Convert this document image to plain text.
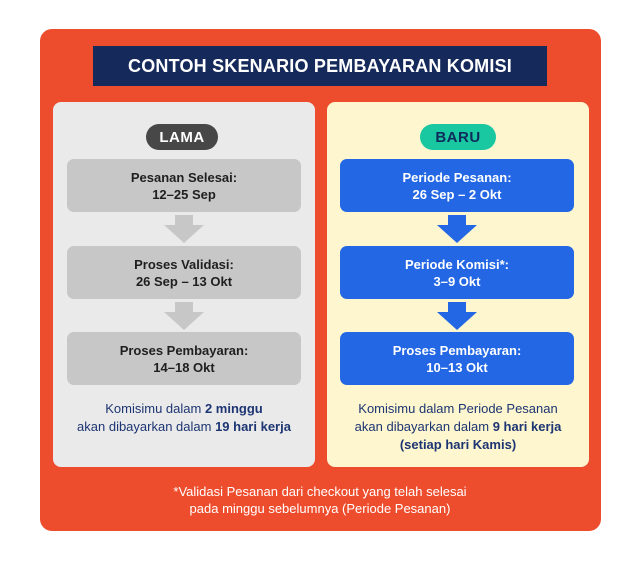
CONTOH SKENARIO PEMBAYARAN KOMISI
LAMA
Pesanan Selesai:
12–25 Sep
Proses Validasi:
26 Sep – 13 Okt
Proses Pembayaran:
14–18 Okt
Komisimu dalam 2 minggu
akan dibayarkan dalam 19 hari kerja
BARU
Periode Pesanan:
26 Sep – 2 Okt
Periode Komisi*:
3–9 Okt
Proses Pembayaran:
10–13 Okt
Komisimu dalam Periode Pesanan
akan dibayarkan dalam 9 hari kerja
(setiap hari Kamis)
*Validasi Pesanan dari checkout yang telah selesai
pada minggu sebelumnya (Periode Pesanan)
